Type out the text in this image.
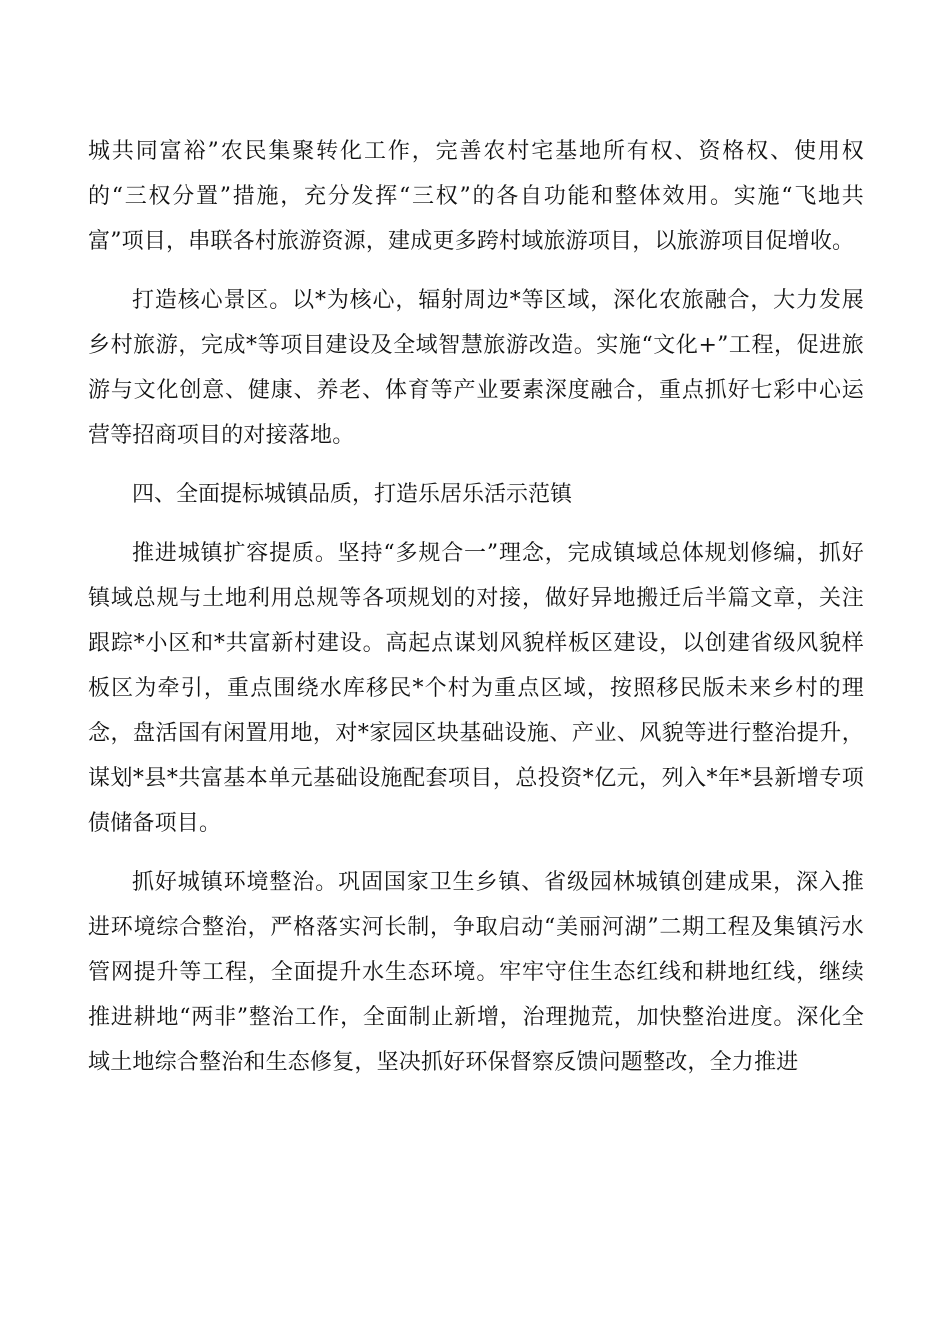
城共同富裕”农民集聚转化工作，完善农村宅基地所有权、资格权、使用权的“三权分置”措施，充分发挥“三权”的各自功能和整体效用。实施“飞地共富”项目，串联各村旅游资源，建成更多跨村域旅游项目，以旅游项目促增收。

打造核心景区。以*为核心，辐射周边*等区域，深化农旅融合，大力发展乡村旅游，完成*等项目建设及全域智慧旅游改造。实施“文化+”工程，促进旅游与文化创意、健康、养老、体育等产业要素深度融合，重点抓好七彩中心运营等招商项目的对接落地。

四、全面提标城镇品质，打造乐居乐活示范镇

推进城镇扩容提质。坚持“多规合一”理念，完成镇域总体规划修编，抓好镇域总规与土地利用总规等各项规划的对接，做好异地搬迁后半篇文章，关注跟踪*小区和*共富新村建设。高起点谋划风貌样板区建设，以创建省级风貌样板区为牵引，重点围绕水库移民*个村为重点区域，按照移民版未来乡村的理念，盘活国有闲置用地，对*家园区块基础设施、产业、风貌等进行整治提升，谋划*县*共富基本单元基础设施配套项目，总投资*亿元，列入*年*县新增专项债储备项目。

抓好城镇环境整治。巩固国家卫生乡镇、省级园林城镇创建成果，深入推进环境综合整治，严格落实河长制，争取启动“美丽河湖”二期工程及集镇污水管网提升等工程，全面提升水生态环境。牢牢守住生态红线和耕地红线，继续推进耕地“两非”整治工作，全面制止新增，治理抛荒，加快整治进度。深化全域土地综合整治和生态修复，坚决抓好环保督察反馈问题整改，全力推进
